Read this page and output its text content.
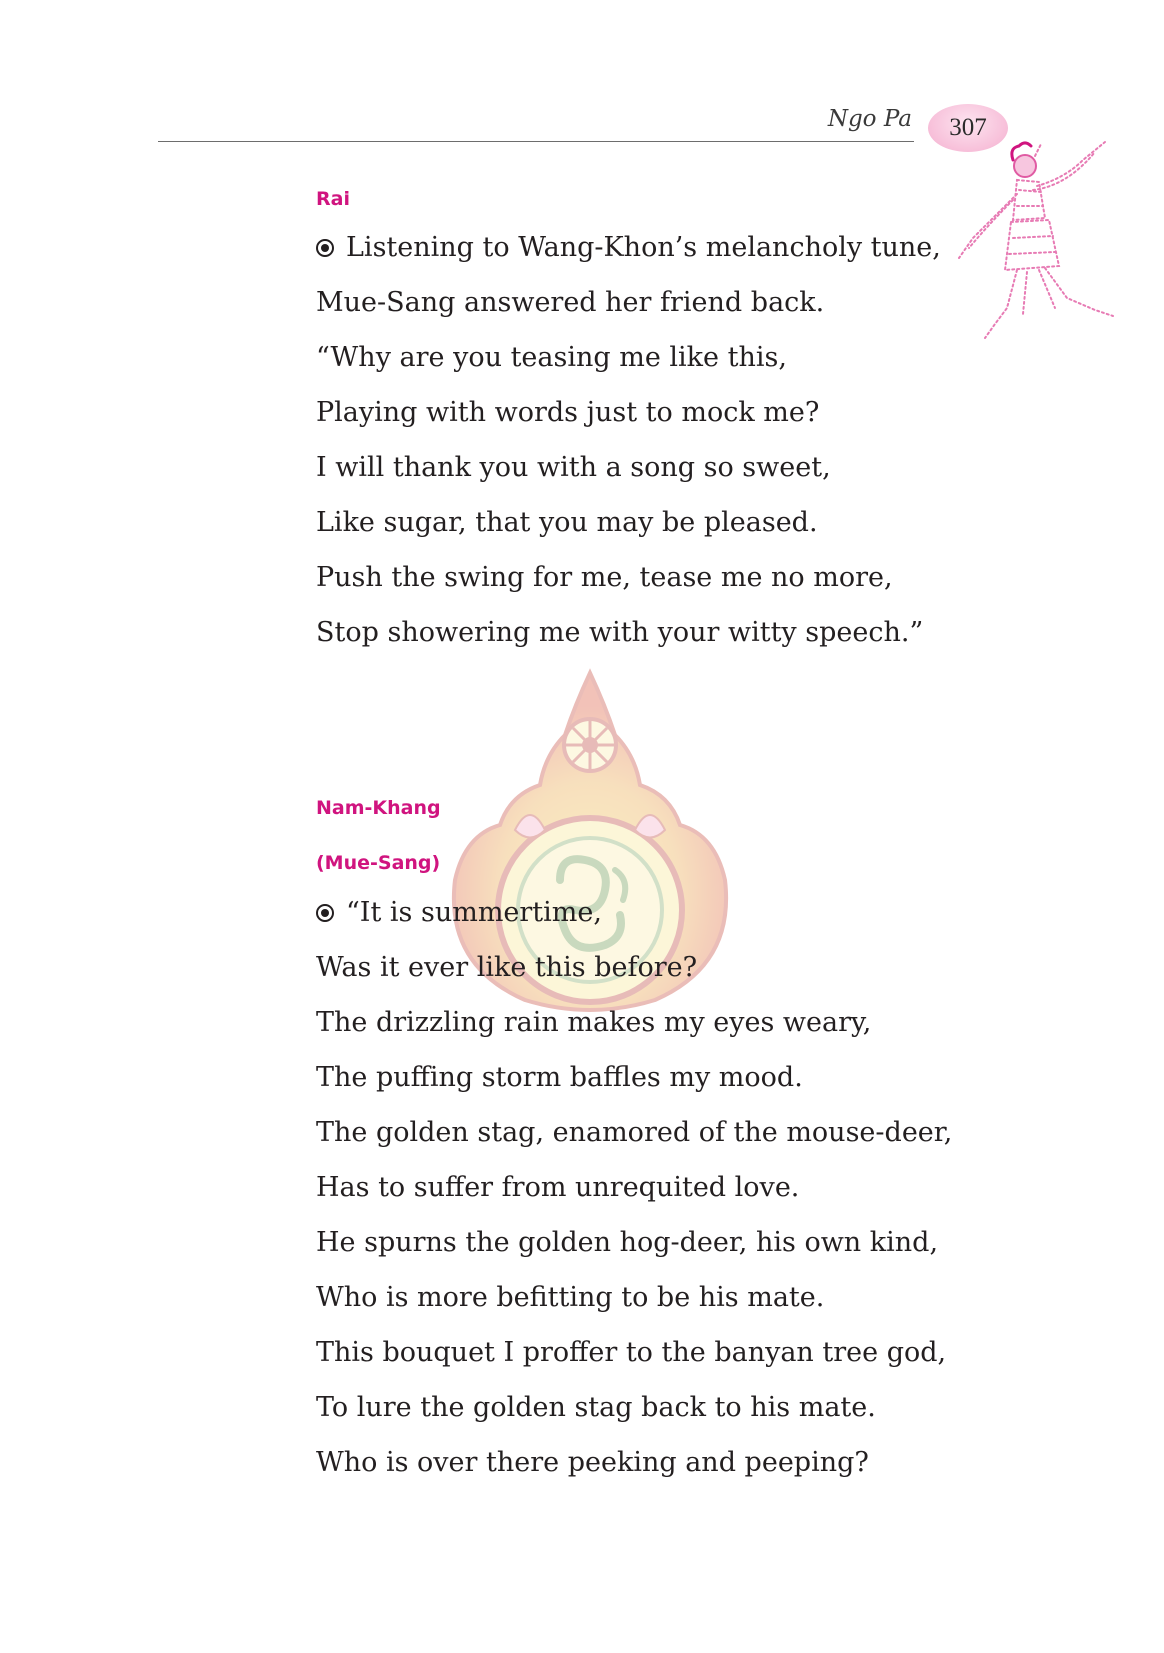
Ngo Pa 307
Rai
Listening to Wang-Khon’s melancholy tune,
Mue-Sang answered her friend back.
“Why are you teasing me like this,
Playing with words just to mock me?
I will thank you with a song so sweet,
Like sugar, that you may be pleased.
Push the swing for me, tease me no more,
Stop showering me with your witty speech.”
Nam-Khang
(Mue-Sang)
“It is summertime,
Was it ever like this before?
The drizzling rain makes my eyes weary,
The puffing storm baffles my mood.
The golden stag, enamored of the mouse-deer,
Has to suffer from unrequited love.
He spurns the golden hog-deer, his own kind,
Who is more befitting to be his mate.
This bouquet I proffer to the banyan tree god,
To lure the golden stag back to his mate.
Who is over there peeking and peeping?
